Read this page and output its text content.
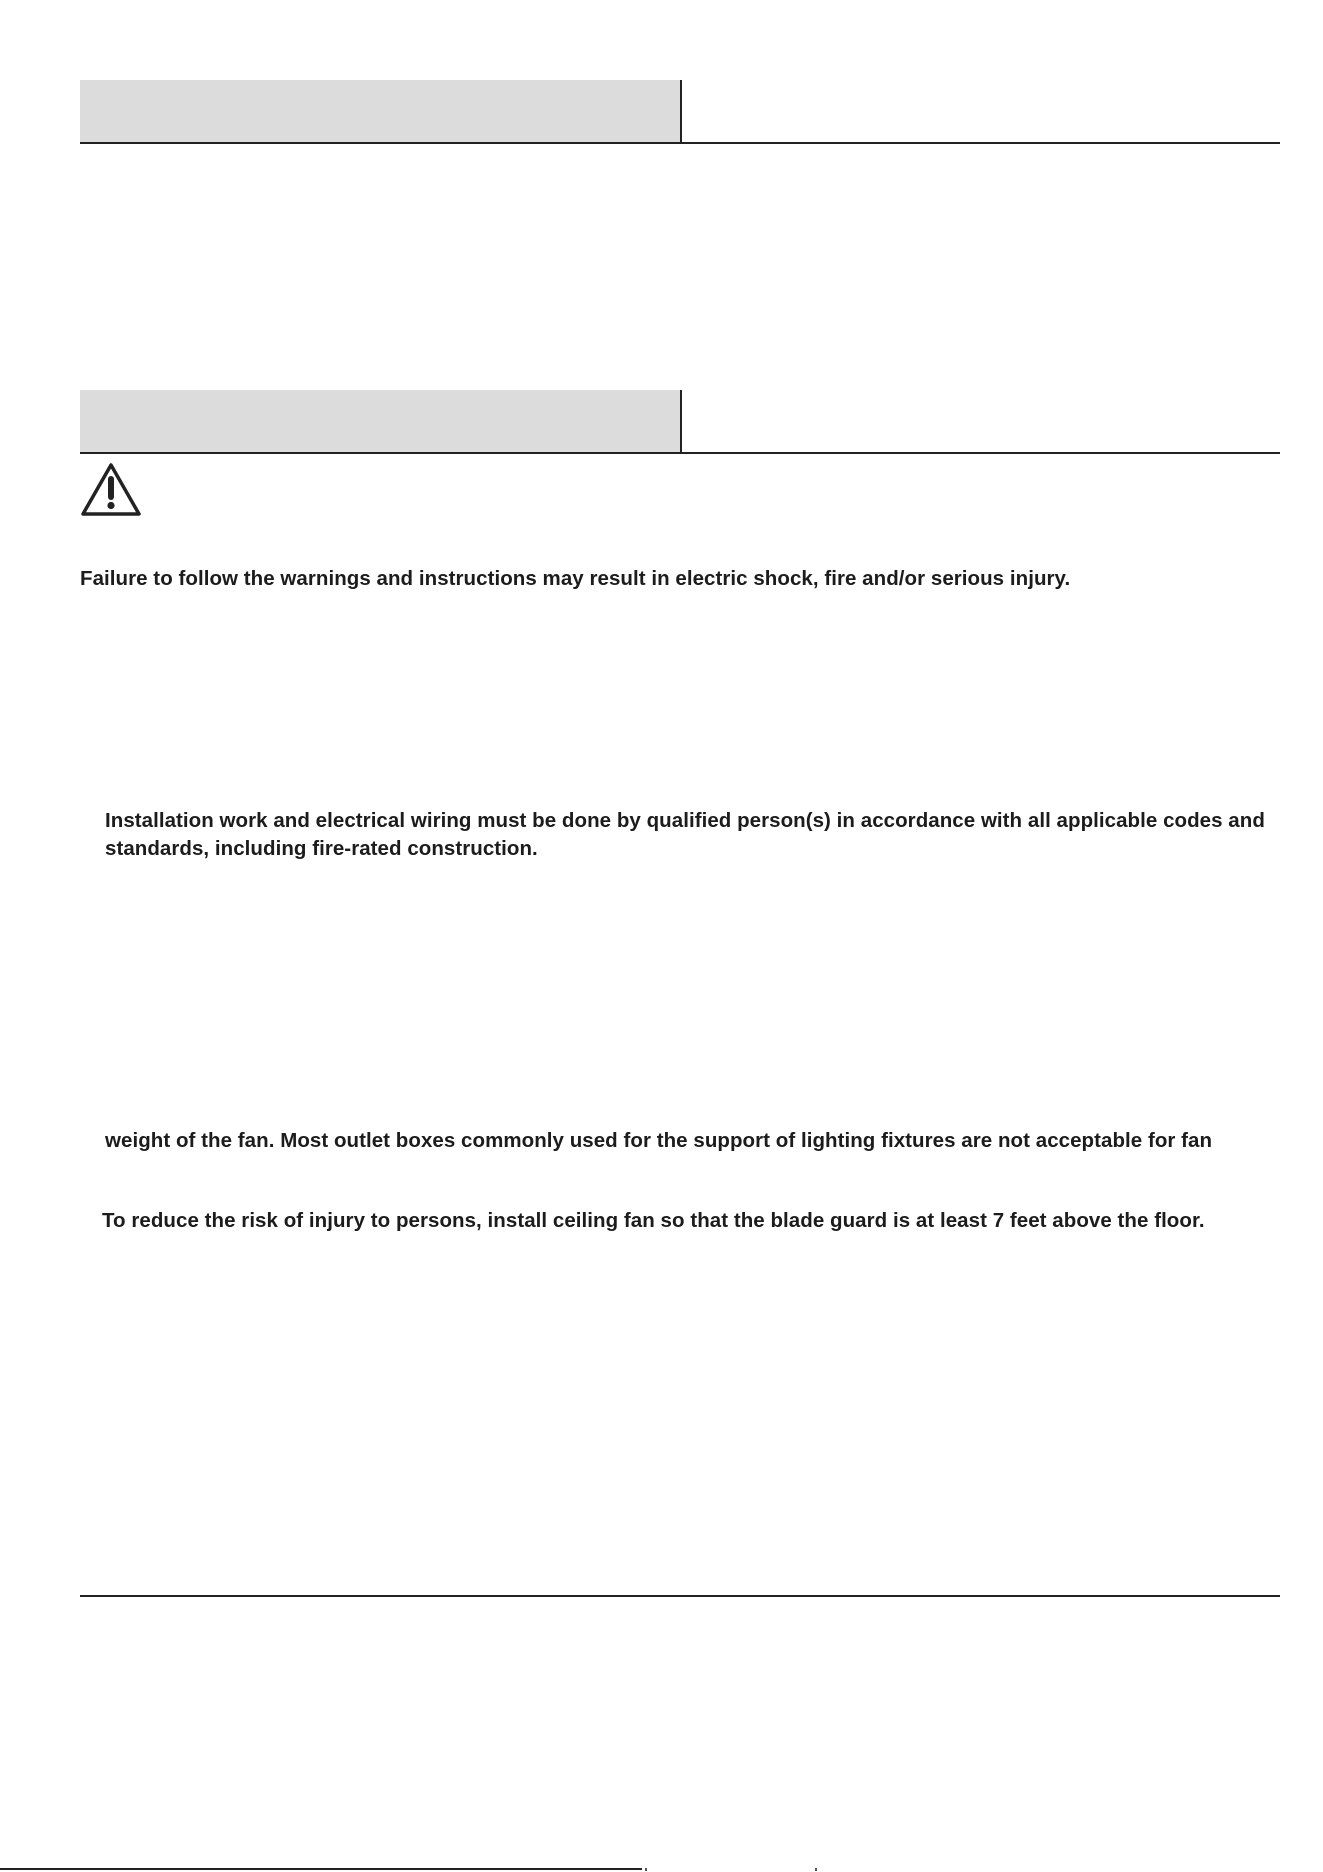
Failure to follow the warnings and instructions may result in electric shock, fire and/or serious injury.
Installation work and electrical wiring must be done by qualified person(s) in accordance with all applicable codes and
standards, including fire-rated construction.
weight of the fan. Most outlet boxes commonly used for the support of lighting fixtures are not acceptable for fan
To reduce the risk of injury to persons, install ceiling fan so that the blade guard is at least 7 feet above the floor.
